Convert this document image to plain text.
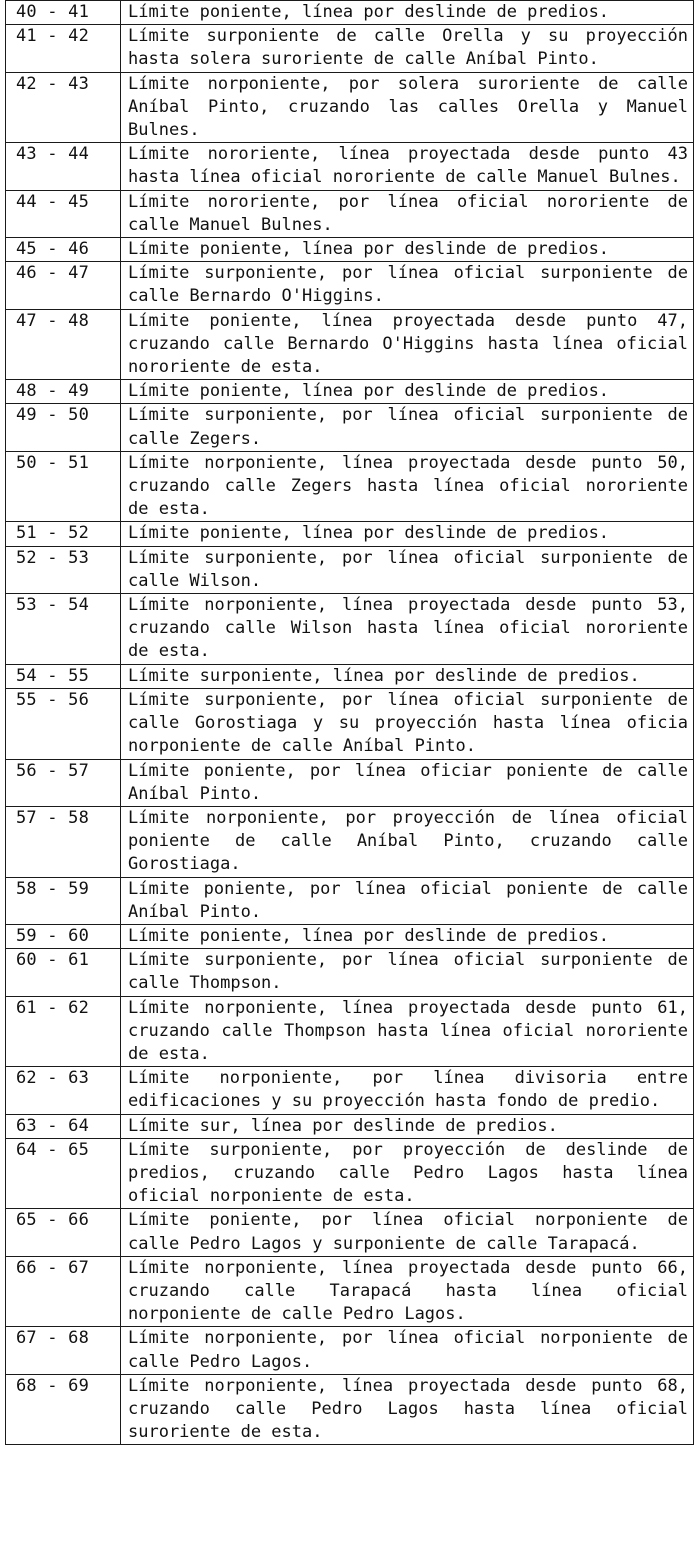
40 - 41	Límite poniente, línea por deslinde de predios.
41 - 42	Límite surponiente de calle Orella y su proyección hasta solera suroriente de calle Aníbal Pinto.
42 - 43	Límite norponiente, por solera suroriente de calle Aníbal Pinto, cruzando las calles Orella y Manuel Bulnes.
43 - 44	Límite nororiente, línea proyectada desde punto 43 hasta línea oficial nororiente de calle Manuel Bulnes.
44 - 45	Límite nororiente, por línea oficial nororiente de calle Manuel Bulnes.
45 - 46	Límite poniente, línea por deslinde de predios.
46 - 47	Límite surponiente, por línea oficial surponiente de calle Bernardo O'Higgins.
47 - 48	Límite poniente, línea proyectada desde punto 47, cruzando calle Bernardo O'Higgins hasta línea oficial nororiente de esta.
48 - 49	Límite poniente, línea por deslinde de predios.
49 - 50	Límite surponiente, por línea oficial surponiente de calle Zegers.
50 - 51	Límite norponiente, línea proyectada desde punto 50, cruzando calle Zegers hasta línea oficial nororiente de esta.
51 - 52	Límite poniente, línea por deslinde de predios.
52 - 53	Límite surponiente, por línea oficial surponiente de calle Wilson.
53 - 54	Límite norponiente, línea proyectada desde punto 53, cruzando calle Wilson hasta línea oficial nororiente de esta.
54 - 55	Límite surponiente, línea por deslinde de predios.
55 - 56	Límite surponiente, por línea oficial surponiente de calle Gorostiaga y su proyección hasta línea oficia norponiente de calle Aníbal Pinto.
56 - 57	Límite poniente, por línea oficiar poniente de calle Aníbal Pinto.
57 - 58	Límite norponiente, por proyección de línea oficial poniente de calle Aníbal Pinto, cruzando calle Gorostiaga.
58 - 59	Límite poniente, por línea oficial poniente de calle Aníbal Pinto.
59 - 60	Límite poniente, línea por deslinde de predios.
60 - 61	Límite surponiente, por línea oficial surponiente de calle Thompson.
61 - 62	Límite norponiente, línea proyectada desde punto 61, cruzando calle Thompson hasta línea oficial nororiente de esta.
62 - 63	Límite norponiente, por línea divisoria entre edificaciones y su proyección hasta fondo de predio.
63 - 64	Límite sur, línea por deslinde de predios.
64 - 65	Límite surponiente, por proyección de deslinde de predios, cruzando calle Pedro Lagos hasta línea oficial norponiente de esta.
65 - 66	Límite poniente, por línea oficial norponiente de calle Pedro Lagos y surponiente de calle Tarapacá.
66 - 67	Límite norponiente, línea proyectada desde punto 66, cruzando calle Tarapacá hasta línea oficial norponiente de calle Pedro Lagos.
67 - 68	Límite norponiente, por línea oficial norponiente de calle Pedro Lagos.
68 - 69	Límite norponiente, línea proyectada desde punto 68, cruzando calle Pedro Lagos hasta línea oficial suroriente de esta.
